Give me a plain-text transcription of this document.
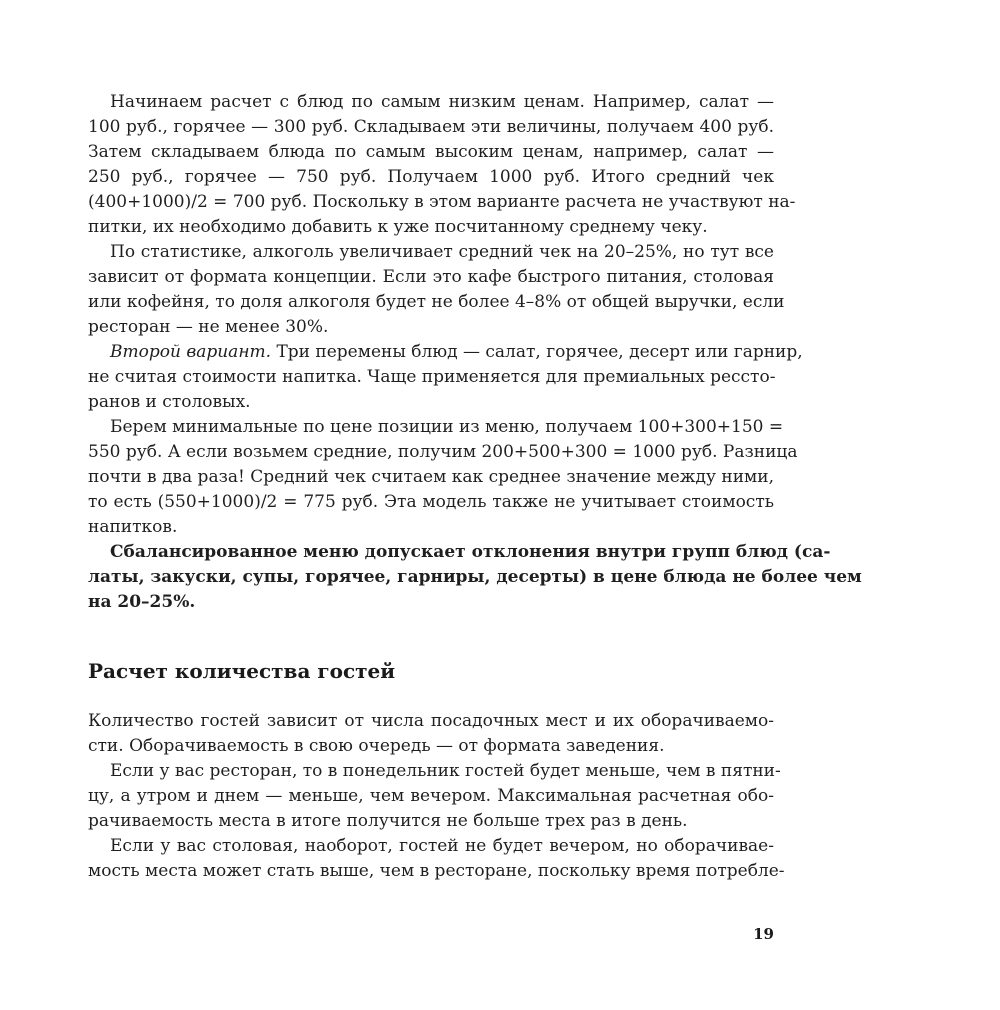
Начинаем расчет с блюд по самым низким ценам. Например, салат —
100 руб., горячее — 300 руб. Складываем эти величины, получаем 400 руб.
Затем складываем блюда по самым высоким ценам, например, салат —
250 руб., горячее — 750 руб. Получаем 1000 руб. Итого средний чек
(400+1000)/2 = 700 руб. Поскольку в этом варианте расчета не участвуют на-
питки, их необходимо добавить к уже посчитанному среднему чеку.
По статистике, алкоголь увеличивает средний чек на 20–25%, но тут все
зависит от формата концепции. Если это кафе быстрого питания, столовая
или кофейня, то доля алкоголя будет не более 4–8% от общей выручки, если
ресторан — не менее 30%.
Второй вариант. Три перемены блюд — салат, горячее, десерт или гарнир,
не считая стоимости напитка. Чаще применяется для премиальных рессто-
ранов и столовых.
Берем минимальные по цене позиции из меню, получаем 100+300+150 =
550 руб. А если возьмем средние, получим 200+500+300 = 1000 руб. Разница
почти в два раза! Средний чек считаем как среднее значение между ними,
то есть (550+1000)/2 = 775 руб. Эта модель также не учитывает стоимость
напитков.
Сбалансированное меню допускает отклонения внутри групп блюд (са-
латы, закуски, супы, горячее, гарниры, десерты) в цене блюда не более чем
на 20–25%.
Расчет количества гостей
Количество гостей зависит от числа посадочных мест и их оборачиваемо-
сти. Оборачиваемость в свою очередь — от формата заведения.
Если у вас ресторан, то в понедельник гостей будет меньше, чем в пятни-
цу, а утром и днем — меньше, чем вечером. Максимальная расчетная обо-
рачиваемость места в итоге получится не больше трех раз в день.
Если у вас столовая, наоборот, гостей не будет вечером, но оборачивае-
мость места может стать выше, чем в ресторане, поскольку время потребле-
19
